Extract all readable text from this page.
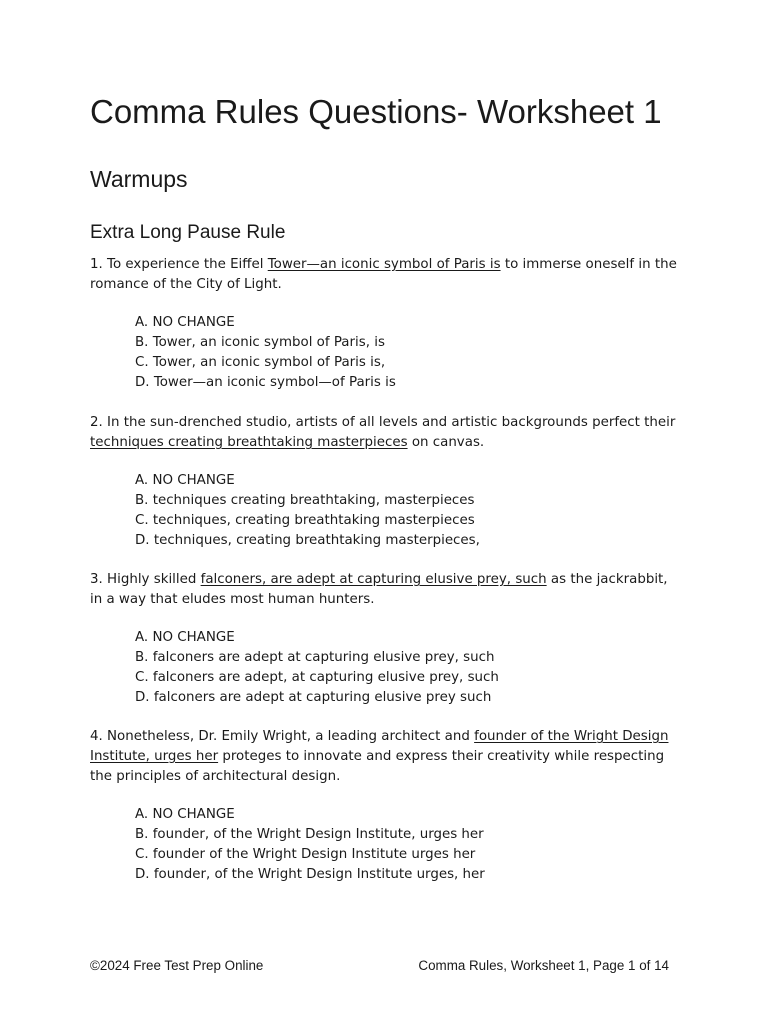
Comma Rules Questions- Worksheet 1
Warmups
Extra Long Pause Rule

1. To experience the Eiffel Tower—an iconic symbol of Paris is to immerse oneself in the romance of the City of Light.

A. NO CHANGE
B. Tower, an iconic symbol of Paris, is
C. Tower, an iconic symbol of Paris is,
D. Tower—an iconic symbol—of Paris is

2. In the sun-drenched studio, artists of all levels and artistic backgrounds perfect their techniques creating breathtaking masterpieces on canvas.

A. NO CHANGE
B. techniques creating breathtaking, masterpieces
C. techniques, creating breathtaking masterpieces
D. techniques, creating breathtaking masterpieces,

3. Highly skilled falconers, are adept at capturing elusive prey, such as the jackrabbit, in a way that eludes most human hunters.

A. NO CHANGE
B. falconers are adept at capturing elusive prey, such
C. falconers are adept, at capturing elusive prey, such
D. falconers are adept at capturing elusive prey such

4. Nonetheless, Dr. Emily Wright, a leading architect and founder of the Wright Design Institute, urges her proteges to innovate and express their creativity while respecting the principles of architectural design.

A. NO CHANGE
B. founder, of the Wright Design Institute, urges her
C. founder of the Wright Design Institute urges her
D. founder, of the Wright Design Institute urges, her
©2024 Free Test Prep Online	Comma Rules, Worksheet 1, Page 1 of 14
